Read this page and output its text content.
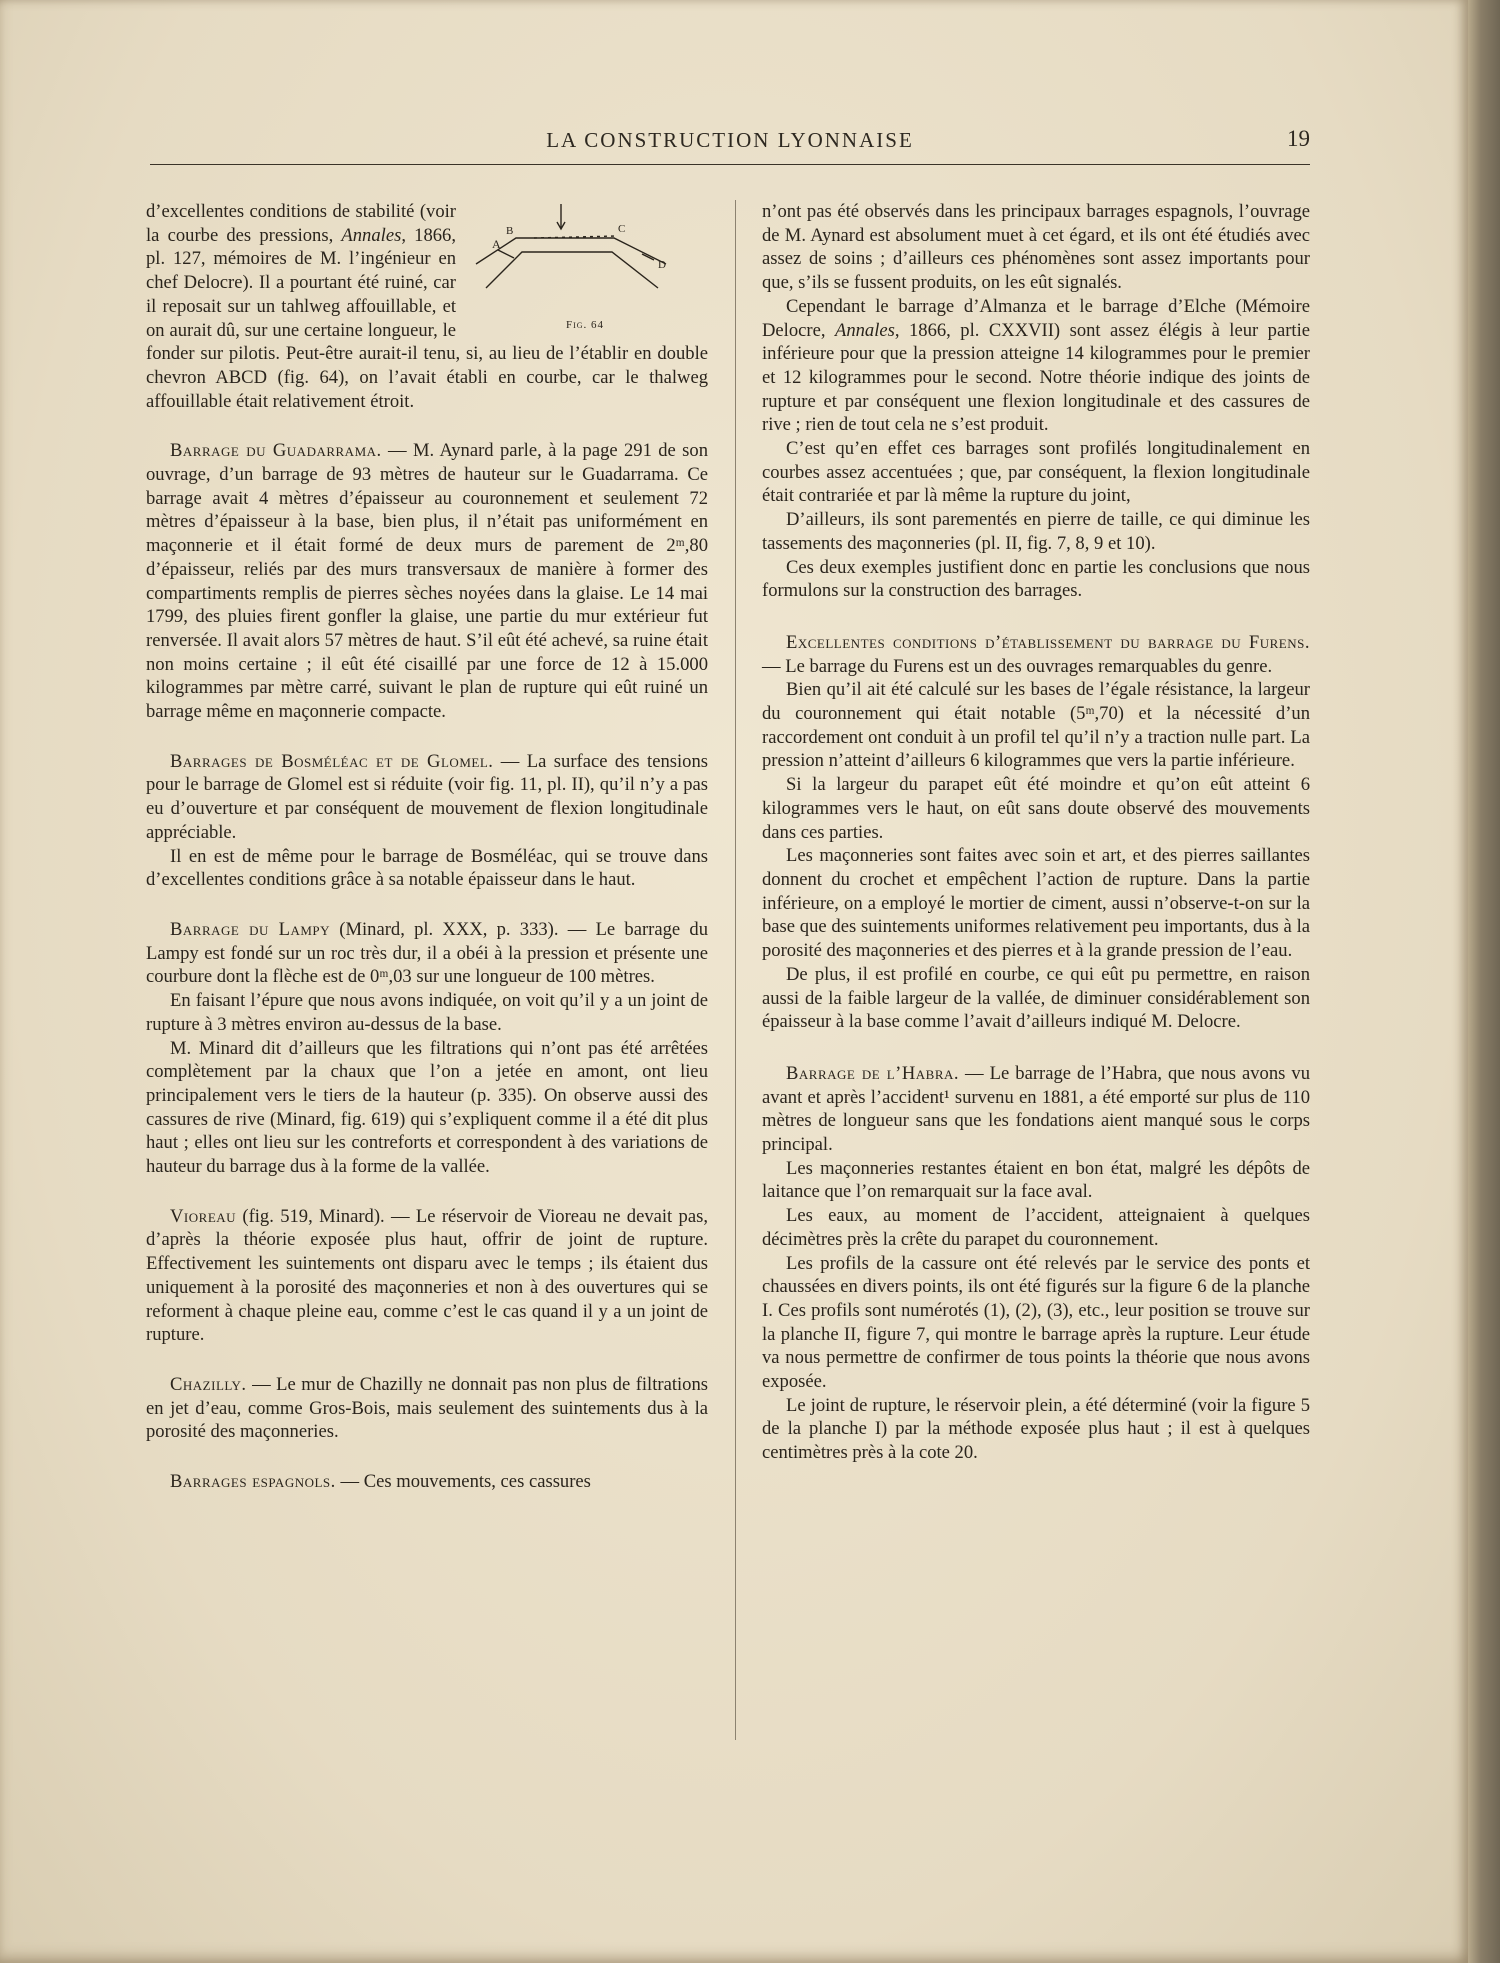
LA CONSTRUCTION LYONNAISE	19
A
B	C
D
Fig. 64

d’excellentes conditions de stabilité (voir la courbe des pressions, Annales, 1866, pl. 127, mémoires de M. l’ingénieur en chef Delocre). Il a pourtant été ruiné, car il reposait sur un tahlweg affouillable, et on aurait dû, sur une certaine longueur, le fonder sur pilotis. Peut-être aurait-il tenu, si, au lieu de l’établir en double chevron ABCD (fig. 64), on l’avait établi en courbe, car le thalweg affouillable était relativement étroit.

Barrage du Guadarrama. — M. Aynard parle, à la page 291 de son ouvrage, d’un barrage de 93 mètres de hauteur sur le Guadarrama. Ce barrage avait 4 mètres d’épaisseur au couronnement et seulement 72 mètres d’épaisseur à la base, bien plus, il n’était pas uniformément en maçonnerie et il était formé de deux murs de parement de 2ᵐ,80 d’épaisseur, reliés par des murs transversaux de manière à former des compartiments remplis de pierres sèches noyées dans la glaise. Le 14 mai 1799, des pluies firent gonfler la glaise, une partie du mur extérieur fut renversée. Il avait alors 57 mètres de haut. S’il eût été achevé, sa ruine était non moins certaine ; il eût été cisaillé par une force de 12 à 15.000 kilogrammes par mètre carré, suivant le plan de rupture qui eût ruiné un barrage même en maçonnerie compacte.

Barrages de Bosméléac et de Glomel. — La surface des tensions pour le barrage de Glomel est si réduite (voir fig. 11, pl. II), qu’il n’y a pas eu d’ouverture et par conséquent de mouvement de flexion longitudinale appréciable.

Il en est de même pour le barrage de Bosméléac, qui se trouve dans d’excellentes conditions grâce à sa notable épaisseur dans le haut.

Barrage du Lampy (Minard, pl. XXX, p. 333). — Le barrage du Lampy est fondé sur un roc très dur, il a obéi à la pression et présente une courbure dont la flèche est de 0ᵐ,03 sur une longueur de 100 mètres.

En faisant l’épure que nous avons indiquée, on voit qu’il y a un joint de rupture à 3 mètres environ au-dessus de la base.

M. Minard dit d’ailleurs que les filtrations qui n’ont pas été arrêtées complètement par la chaux que l’on a jetée en amont, ont lieu principalement vers le tiers de la hauteur (p. 335). On observe aussi des cassures de rive (Minard, fig. 619) qui s’expliquent comme il a été dit plus haut ; elles ont lieu sur les contreforts et correspondent à des variations de hauteur du barrage dus à la forme de la vallée.

Vioreau (fig. 519, Minard). — Le réservoir de Vioreau ne devait pas, d’après la théorie exposée plus haut, offrir de joint de rupture. Effectivement les suintements ont disparu avec le temps ; ils étaient dus uniquement à la porosité des maçonneries et non à des ouvertures qui se reforment à chaque pleine eau, comme c’est le cas quand il y a un joint de rupture.

Chazilly. — Le mur de Chazilly ne donnait pas non plus de filtrations en jet d’eau, comme Gros-Bois, mais seulement des suintements dus à la porosité des maçonneries.

Barrages espagnols. — Ces mouvements, ces cassures

n’ont pas été observés dans les principaux barrages espagnols, l’ouvrage de M. Aynard est absolument muet à cet égard, et ils ont été étudiés avec assez de soins ; d’ailleurs ces phénomènes sont assez importants pour que, s’ils se fussent produits, on les eût signalés.

Cependant le barrage d’Almanza et le barrage d’Elche (Mémoire Delocre, Annales, 1866, pl. CXXVII) sont assez élégis à leur partie inférieure pour que la pression atteigne 14 kilogrammes pour le premier et 12 kilogrammes pour le second. Notre théorie indique des joints de rupture et par conséquent une flexion longitudinale et des cassures de rive ; rien de tout cela ne s’est produit.

C’est qu’en effet ces barrages sont profilés longitudinalement en courbes assez accentuées ; que, par conséquent, la flexion longitudinale était contrariée et par là même la rupture du joint,

D’ailleurs, ils sont parementés en pierre de taille, ce qui diminue les tassements des maçonneries (pl. II, fig. 7, 8, 9 et 10).

Ces deux exemples justifient donc en partie les conclusions que nous formulons sur la construction des barrages.

Excellentes conditions d’établissement du barrage du Furens. — Le barrage du Furens est un des ouvrages remarquables du genre.

Bien qu’il ait été calculé sur les bases de l’égale résistance, la largeur du couronnement qui était notable (5ᵐ,70) et la nécessité d’un raccordement ont conduit à un profil tel qu’il n’y a traction nulle part. La pression n’atteint d’ailleurs 6 kilogrammes que vers la partie inférieure.

Si la largeur du parapet eût été moindre et qu’on eût atteint 6 kilogrammes vers le haut, on eût sans doute observé des mouvements dans ces parties.

Les maçonneries sont faites avec soin et art, et des pierres saillantes donnent du crochet et empêchent l’action de rupture. Dans la partie inférieure, on a employé le mortier de ciment, aussi n’observe-t-on sur la base que des suintements uniformes relativement peu importants, dus à la porosité des maçonneries et des pierres et à la grande pression de l’eau.

De plus, il est profilé en courbe, ce qui eût pu permettre, en raison aussi de la faible largeur de la vallée, de diminuer considérablement son épaisseur à la base comme l’avait d’ailleurs indiqué M. Delocre.

Barrage de l’Habra. — Le barrage de l’Habra, que nous avons vu avant et après l’accident¹ survenu en 1881, a été emporté sur plus de 110 mètres de longueur sans que les fondations aient manqué sous le corps principal.

Les maçonneries restantes étaient en bon état, malgré les dépôts de laitance que l’on remarquait sur la face aval.

Les eaux, au moment de l’accident, atteignaient à quelques décimètres près la crête du parapet du couronnement.

Les profils de la cassure ont été relevés par le service des ponts et chaussées en divers points, ils ont été figurés sur la figure 6 de la planche I. Ces profils sont numérotés (1), (2), (3), etc., leur position se trouve sur la planche II, figure 7, qui montre le barrage après la rupture. Leur étude va nous permettre de confirmer de tous points la théorie que nous avons exposée.

Le joint de rupture, le réservoir plein, a été déterminé (voir la figure 5 de la planche I) par la méthode exposée plus haut ; il est à quelques centimètres près à la cote 20.
